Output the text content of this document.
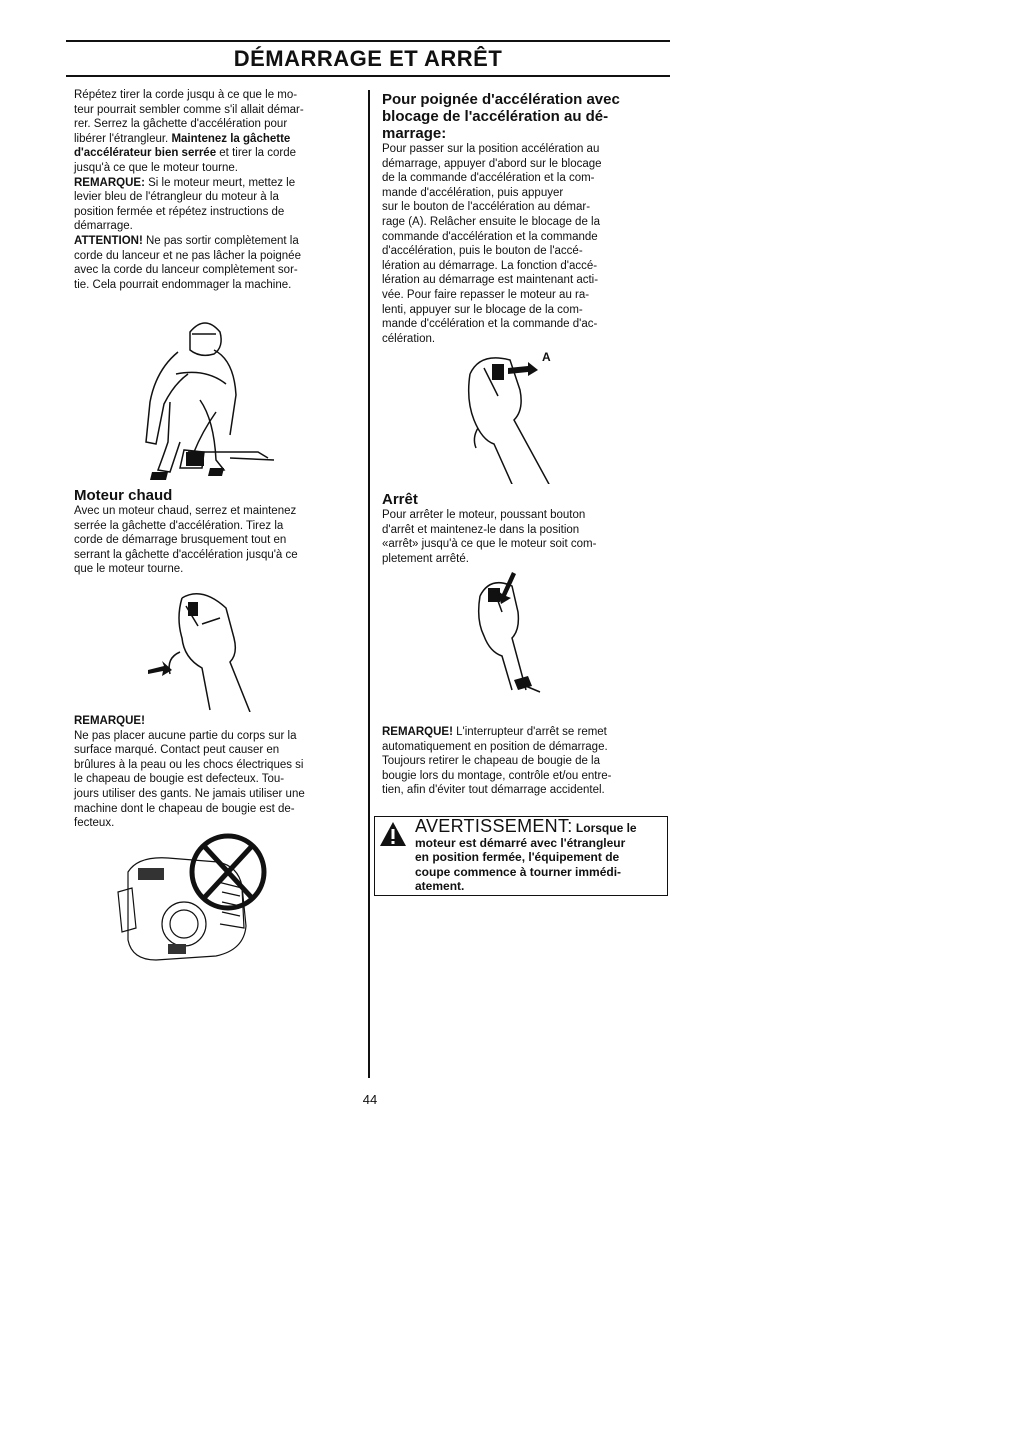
DÉMARRAGE ET ARRÊT

Répétez tirer la corde jusqu à ce que le mo-

teur pourrait sembler comme s'il allait démar-

rer. Serrez la gâchette d'accélération pour

libérer l'étrangleur. Maintenez la gâchette

d'accélérateur bien serrée et tirer la corde

jusqu'à ce que le moteur tourne.

REMARQUE: Si le moteur meurt, mettez le

levier bleu de l'étrangleur du moteur à la

position fermée et répétez instructions de

démarrage.

ATTENTION! Ne pas sortir complètement la

corde du lanceur et ne pas lâcher la poignée

avec la corde du lanceur complètement sor-

tie. Cela pourrait endommager la machine.

Moteur chaud

Avec un moteur chaud, serrez et maintenez

serrée la gâchette d'accélération. Tirez la

corde de démarrage brusquement tout en

serrant la gâchette d'accélération jusqu'à ce

que le moteur tourne.

REMARQUE!

Ne pas placer aucune partie du corps sur la

surface marqué. Contact peut causer en

brûlures à la peau ou les chocs électriques si

le chapeau de bougie est defecteux. Tou-

jours utiliser des gants. Ne jamais utiliser une

machine dont le chapeau de bougie est de-

fecteux.

Pour poignée d'accélération avec

blocage de l'accélération au dé-

marrage:

Pour passer sur la position accélération au

démarrage, appuyer d'abord sur le blocage

de la commande d'accélération et la com-

mande d'accélération, puis appuyer

sur le bouton de l'accélération au démar-

rage (A). Relâcher ensuite le blocage de la

commande d'accélération et la commande

d'accélération, puis le bouton de l'accé-

lération au démarrage. La fonction d'accé-

lération au démarrage est maintenant acti-

vée. Pour faire repasser le moteur au ra-

lenti, appuyer sur le blocage de la com-

mande d'ccélération et la commande d'ac-

célération.

A

Arrêt

Pour arrêter le moteur, poussant bouton

d'arrêt et maintenez-le dans la position

«arrêt» jusqu'à ce que le moteur soit com-

pletement arrêté.

REMARQUE! L'interrupteur d'arrêt se remet

automatiquement en position de démarrage.

Toujours retirer le chapeau de bougie de la

bougie lors du montage, contrôle et/ou entre-

tien, afin d'éviter tout démarrage accidentel.

AVERTISSEMENT: Lorsque le
moteur est démarré avec l'étrangleur
en position fermée, l'équipement de
coupe commence à tourner immédi-
atement.
44
